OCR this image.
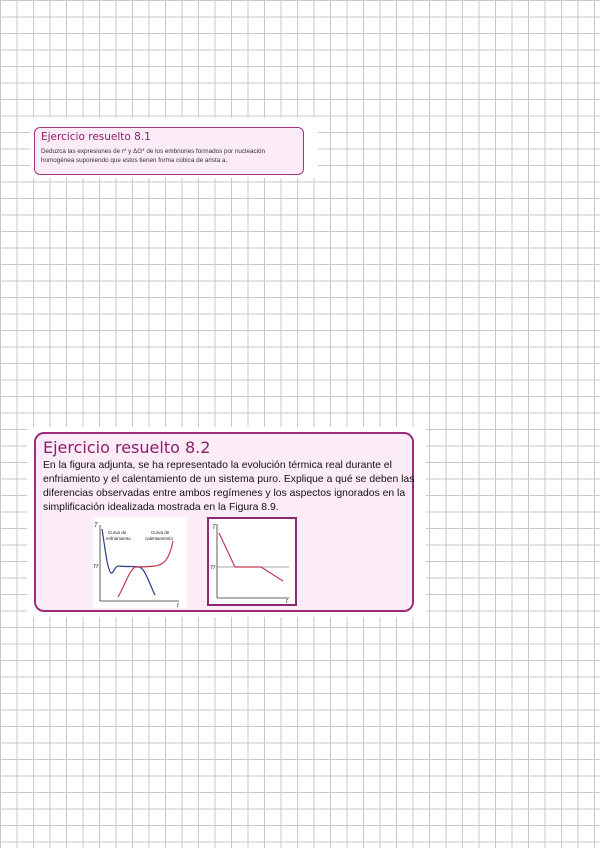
Ejercicio resuelto 8.1

Deduzca las expresiones de r* y ΔG* de los embriones formados por nucleación
homogénea suponiendo que estos tienen forma cúbica de arista a.

Ejercicio resuelto 8.2

En la figura adjunta, se ha representado la evolución térmica real durante el
enfriamiento y el calentamiento de un sistema puro. Explique a qué se deben las
diferencias observadas entre ambos regímenes y los aspectos ignorados en la
simplificación idealizada mostrada en la Figura 8.9.

T
t
Tf
Curva de
enfriamiento
Curva de
calentamiento
T
t
Tf
